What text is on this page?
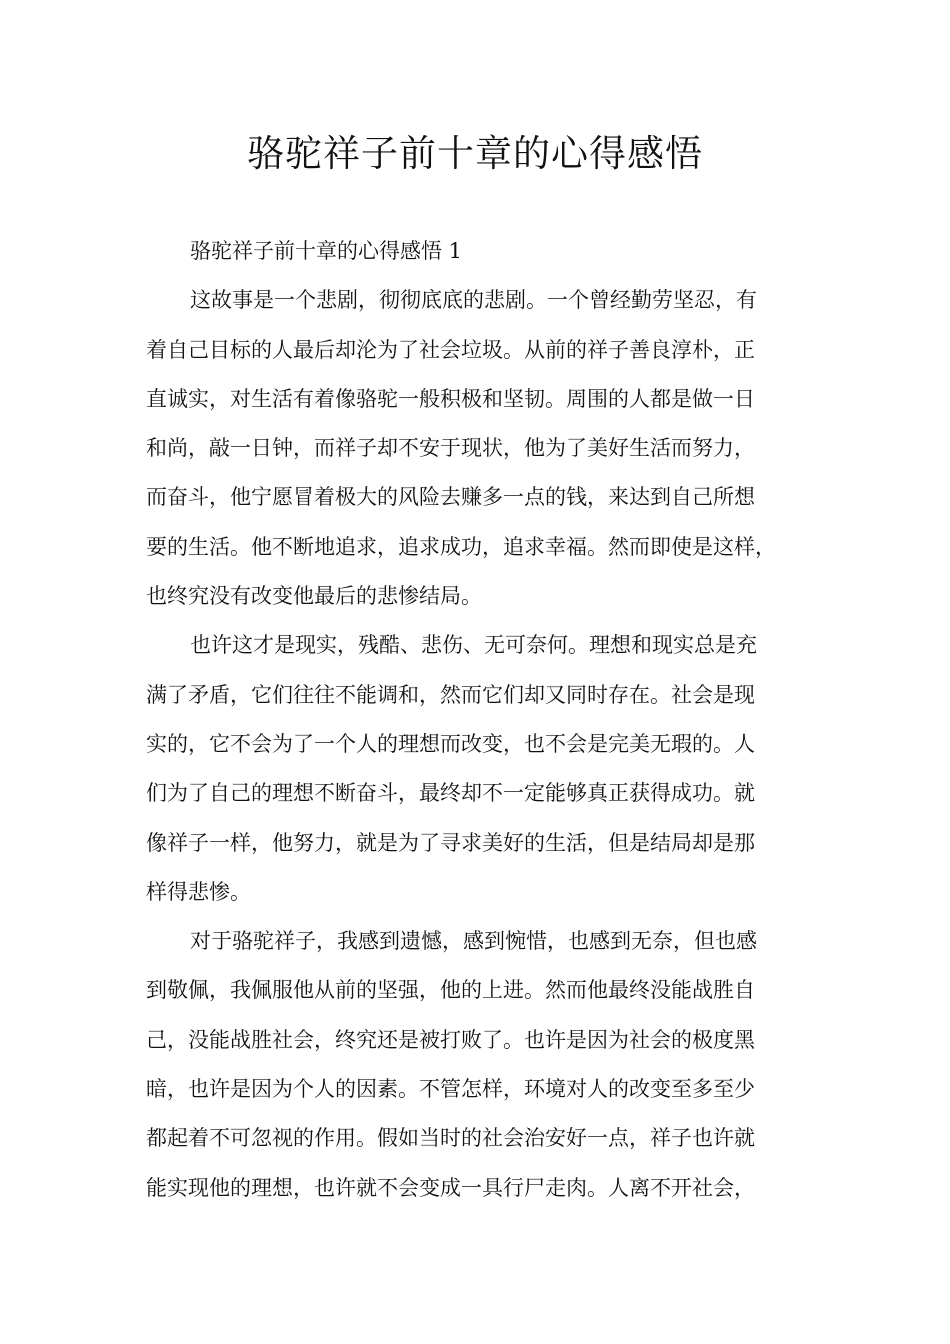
骆驼祥子前十章的心得感悟
骆驼祥子前十章的心得感悟 1
这故事是一个悲剧，彻彻底底的悲剧。一个曾经勤劳坚忍，有
着自己目标的人最后却沦为了社会垃圾。从前的祥子善良淳朴，正
直诚实，对生活有着像骆驼一般积极和坚韧。周围的人都是做一日
和尚，敲一日钟，而祥子却不安于现状，他为了美好生活而努力，
而奋斗，他宁愿冒着极大的风险去赚多一点的钱，来达到自己所想
要的生活。他不断地追求，追求成功，追求幸福。然而即使是这样，
也终究没有改变他最后的悲惨结局。
也许这才是现实，残酷、悲伤、无可奈何。理想和现实总是充
满了矛盾，它们往往不能调和，然而它们却又同时存在。社会是现
实的，它不会为了一个人的理想而改变，也不会是完美无瑕的。人
们为了自己的理想不断奋斗，最终却不一定能够真正获得成功。就
像祥子一样，他努力，就是为了寻求美好的生活，但是结局却是那
样得悲惨。
对于骆驼祥子，我感到遗憾，感到惋惜，也感到无奈，但也感
到敬佩，我佩服他从前的坚强，他的上进。然而他最终没能战胜自
己，没能战胜社会，终究还是被打败了。也许是因为社会的极度黑
暗，也许是因为个人的因素。不管怎样，环境对人的改变至多至少
都起着不可忽视的作用。假如当时的社会治安好一点，祥子也许就
能实现他的理想，也许就不会变成一具行尸走肉。人离不开社会，
